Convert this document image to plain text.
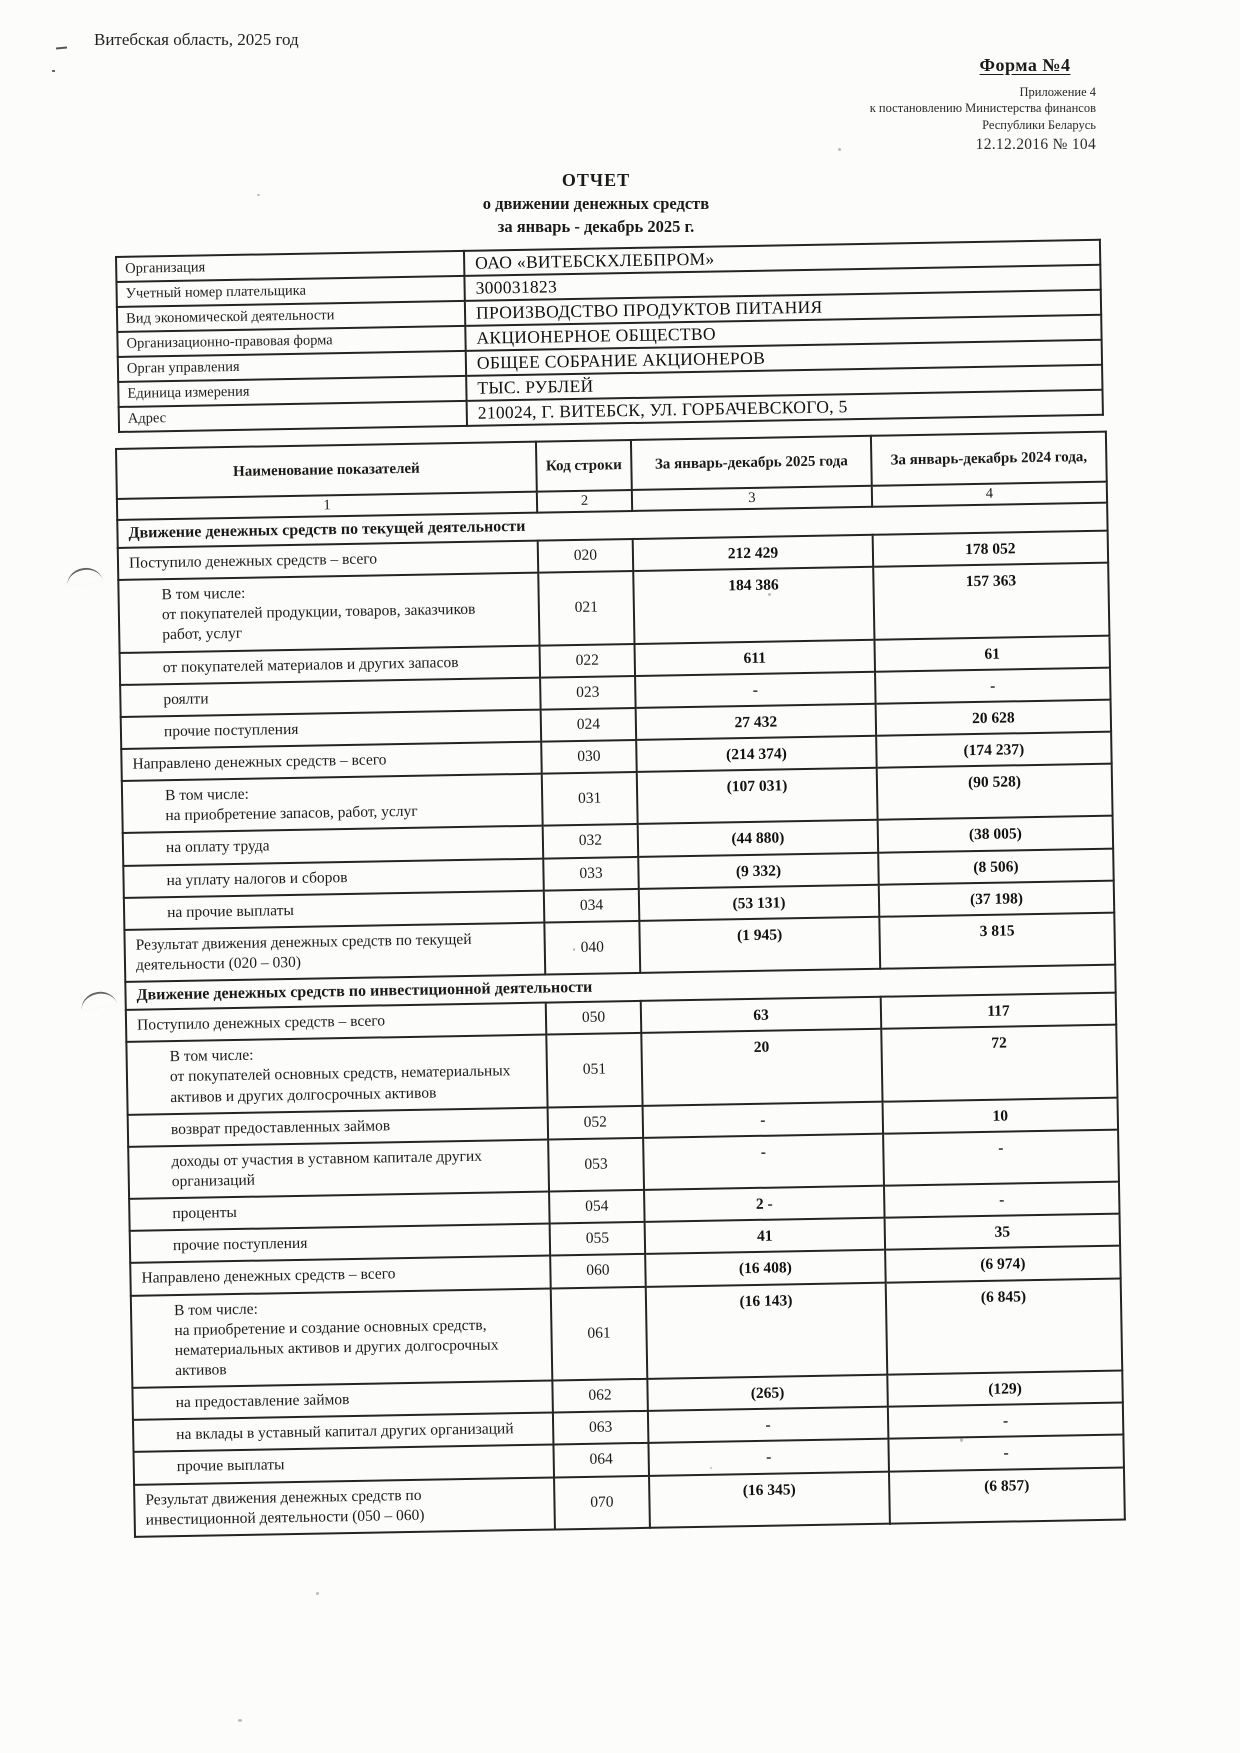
Витебская область, 2025 год
Форма №4
Приложение 4
к постановлению Министерства финансов
Республики Беларусь
12.12.2016 № 104
ОТЧЕТ
о движении денежных средств
за январь - декабрь 2025 г.
Организация	ОАО «ВИТЕБСКХЛЕБПРОМ»
Учетный номер плательщика	300031823
Вид экономической деятельности	ПРОИЗВОДСТВО ПРОДУКТОВ ПИТАНИЯ
Организационно-правовая форма	АКЦИОНЕРНОЕ ОБЩЕСТВО
Орган управления	ОБЩЕЕ СОБРАНИЕ АКЦИОНЕРОВ
Единица измерения	ТЫС. РУБЛЕЙ
Адрес	210024, Г. ВИТЕБСК, УЛ. ГОРБАЧЕВСКОГО, 5
Наименование показателей	Код строки	За январь-декабрь 2025 года	За январь-декабрь 2024 года,
1	2	3	4
Движение денежных средств по текущей деятельности			
Поступило денежных средств – всего	020	212 429	178 052
В том числе:
от покупателей продукции, товаров, заказчиков
работ, услуг	021	184 386	157 363
от покупателей материалов и других запасов	022	611	61
роялти	023	-	-
прочие поступления	024	27 432	20 628
Направлено денежных средств – всего	030	(214 374)	(174 237)
В том числе:
на приобретение запасов, работ, услуг	031	(107 031)	(90 528)
на оплату труда	032	(44 880)	(38 005)
на уплату налогов и сборов	033	(9 332)	(8 506)
на прочие выплаты	034	(53 131)	(37 198)
Результат движения денежных средств по текущей
деятельности (020 – 030)	040	(1 945)	3 815
Движение денежных средств по инвестиционной деятельности			
Поступило денежных средств – всего	050	63	117
В том числе:
от покупателей основных средств, нематериальных
активов и других долгосрочных активов	051	20	72
возврат предоставленных займов	052	-	10
доходы от участия в уставном капитале других
организаций	053	-	-
проценты	054	2 -	-
прочие поступления	055	41	35
Направлено денежных средств – всего	060	(16 408)	(6 974)
В том числе:
на приобретение и создание основных средств,
нематериальных активов и других долгосрочных
активов	061	(16 143)	(6 845)
на предоставление займов	062	(265)	(129)
на вклады в уставный капитал других организаций	063	-	-
прочие выплаты	064	-	-
Результат движения денежных средств по
инвестиционной деятельности (050 – 060)	070	(16 345)	(6 857)
